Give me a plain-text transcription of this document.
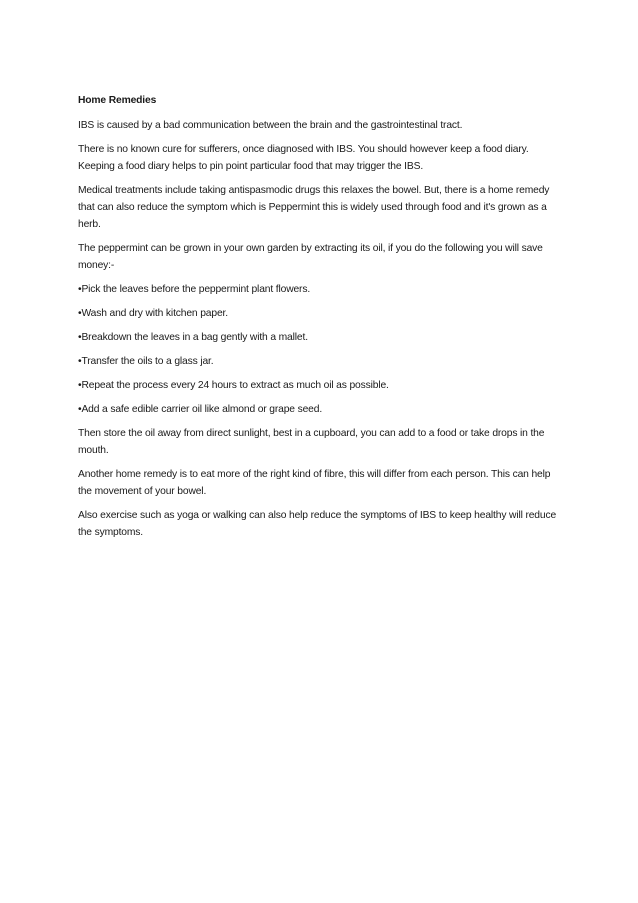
Home Remedies
IBS is caused by a bad communication between the brain and the gastrointestinal tract.
There is no known cure for sufferers, once diagnosed with IBS. You should however keep a food diary. Keeping a food diary helps to pin point particular food that may trigger the IBS.
Medical treatments include taking antispasmodic drugs this relaxes the bowel. But, there is a home remedy that can also reduce the symptom which is Peppermint this is widely used through food and it's grown as a herb.
The peppermint can be grown in your own garden by extracting its oil, if you do the following you will save money:-
•Pick the leaves before the peppermint plant flowers.
•Wash and dry with kitchen paper.
•Breakdown the leaves in a bag gently with a mallet.
•Transfer the oils to a glass jar.
•Repeat the process every 24 hours to extract as much oil as possible.
•Add a safe edible carrier oil like almond or grape seed.
Then store the oil away from direct sunlight, best in a cupboard, you can add to a food or take drops in the mouth.
Another home remedy is to eat more of the right kind of fibre, this will differ from each person. This can help the movement of your bowel.
Also exercise such as yoga or walking can also help reduce the symptoms of IBS to keep healthy will reduce the symptoms.
